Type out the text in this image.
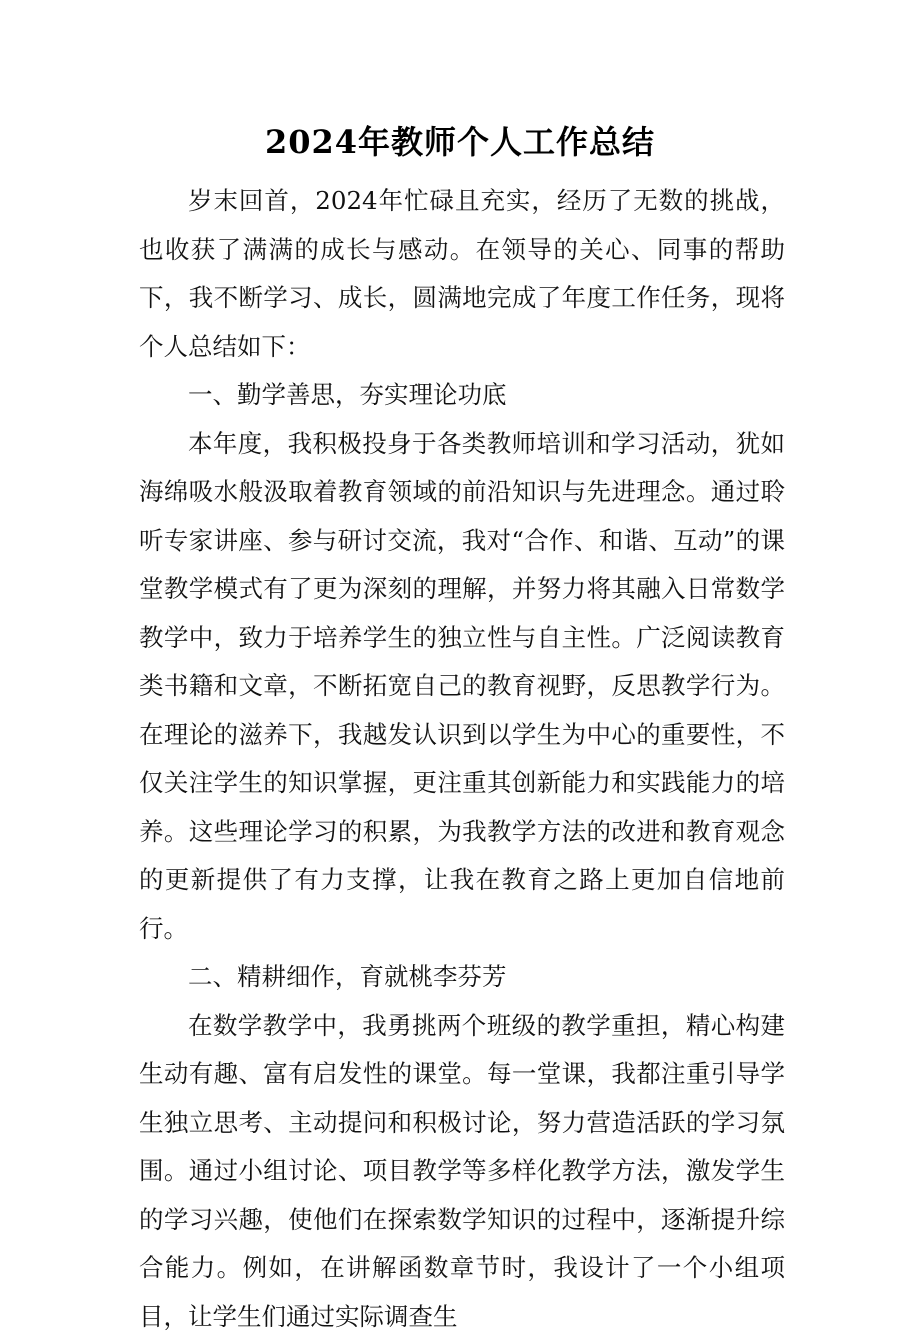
2024年教师个人工作总结

岁末回首，2024年忙碌且充实，经历了无数的挑战，也收获了满满的成长与感动。在领导的关心、同事的帮助下，我不断学习、成长，圆满地完成了年度工作任务，现将个人总结如下：

一、勤学善思，夯实理论功底

本年度，我积极投身于各类教师培训和学习活动，犹如海绵吸水般汲取着教育领域的前沿知识与先进理念。通过聆听专家讲座、参与研讨交流，我对“合作、和谐、互动”的课堂教学模式有了更为深刻的理解，并努力将其融入日常数学教学中，致力于培养学生的独立性与自主性。广泛阅读教育类书籍和文章，不断拓宽自己的教育视野，反思教学行为。在理论的滋养下，我越发认识到以学生为中心的重要性，不仅关注学生的知识掌握，更注重其创新能力和实践能力的培养。这些理论学习的积累，为我教学方法的改进和教育观念的更新提供了有力支撑，让我在教育之路上更加自信地前行。

二、精耕细作，育就桃李芬芳

在数学教学中，我勇挑两个班级的教学重担，精心构建生动有趣、富有启发性的课堂。每一堂课，我都注重引导学生独立思考、主动提问和积极讨论，努力营造活跃的学习氛围。通过小组讨论、项目教学等多样化教学方法，激发学生的学习兴趣，使他们在探索数学知识的过程中，逐渐提升综合能力。例如，在讲解函数章节时，我设计了一个小组项目，让学生们通过实际调查生
